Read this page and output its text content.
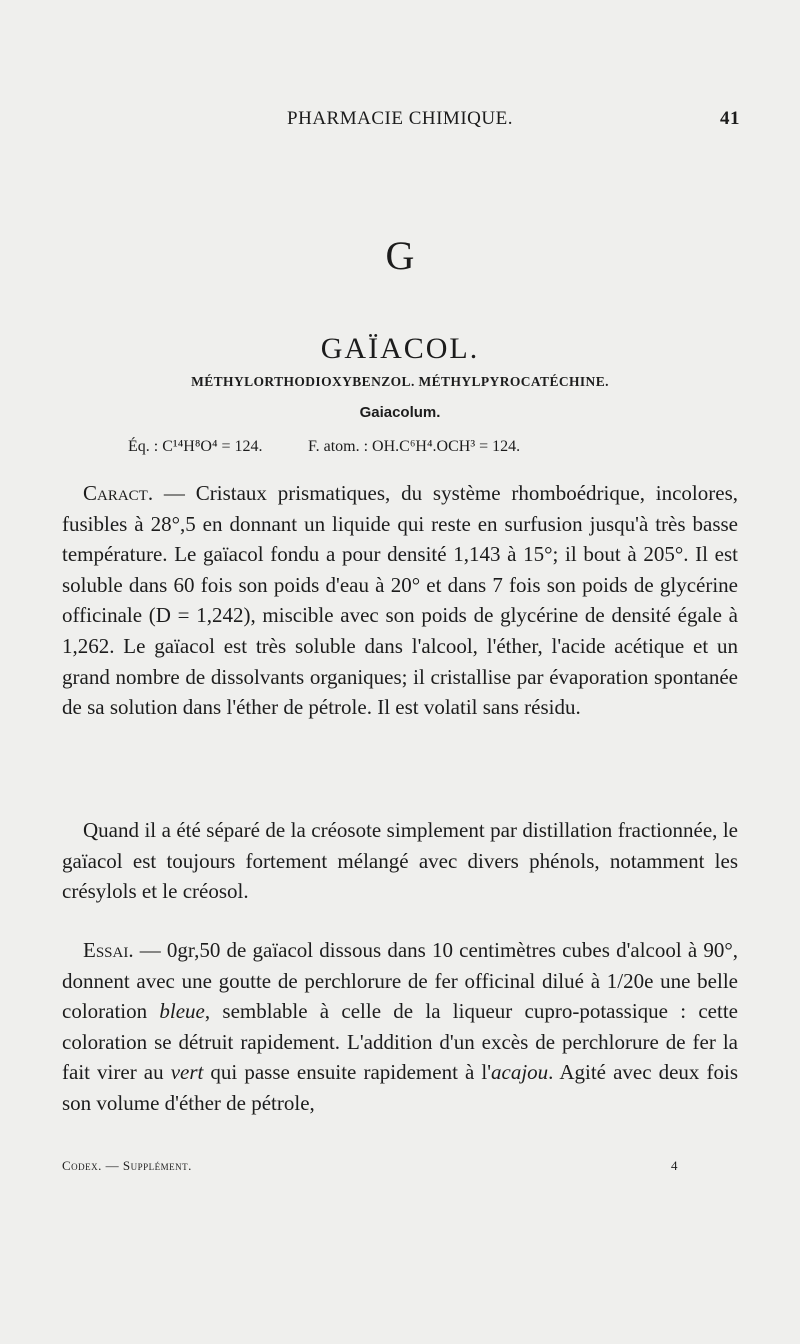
PHARMACIE CHIMIQUE.	41
G
GAÏACOL.
MÉTHYLORTHODIOXYBENZOL. MÉTHYLPYROCATÉCHINE.
Gaiacolum.
Éq. : C¹⁴H⁸O⁴ = 124.	F. atom. : OH.C⁶H⁴.OCH³ = 124.

 Caract. — Cristaux prismatiques, du système rhomboédrique, incolores, fusibles à 28°,5 en donnant un liquide qui reste en surfusion jusqu'à très basse température. Le gaïacol fondu a pour densité 1,143 à 15°; il bout à 205°. Il est soluble dans 60 fois son poids d'eau à 20° et dans 7 fois son poids de glycérine officinale (D = 1,242), miscible avec son poids de glycérine de densité égale à 1,262. Le gaïacol est très soluble dans l'alcool, l'éther, l'acide acétique et un grand nombre de dissolvants organiques; il cristallise par évaporation spontanée de sa solution dans l'éther de pétrole. Il est volatil sans résidu.

 Quand il a été séparé de la créosote simplement par distillation fractionnée, le gaïacol est toujours fortement mélangé avec divers phénols, notamment les crésylols et le créosol.

 Essai. — 0gr,50 de gaïacol dissous dans 10 centimètres cubes d'alcool à 90°, donnent avec une goutte de perchlorure de fer officinal dilué à 1/20e une belle coloration bleue, semblable à celle de la liqueur cupro-potassique : cette coloration se détruit rapidement. L'addition d'un excès de perchlorure de fer la fait virer au vert qui passe ensuite rapidement à l'acajou. Agité avec deux fois son volume d'éther de pétrole,

Codex. — Supplément.	4
